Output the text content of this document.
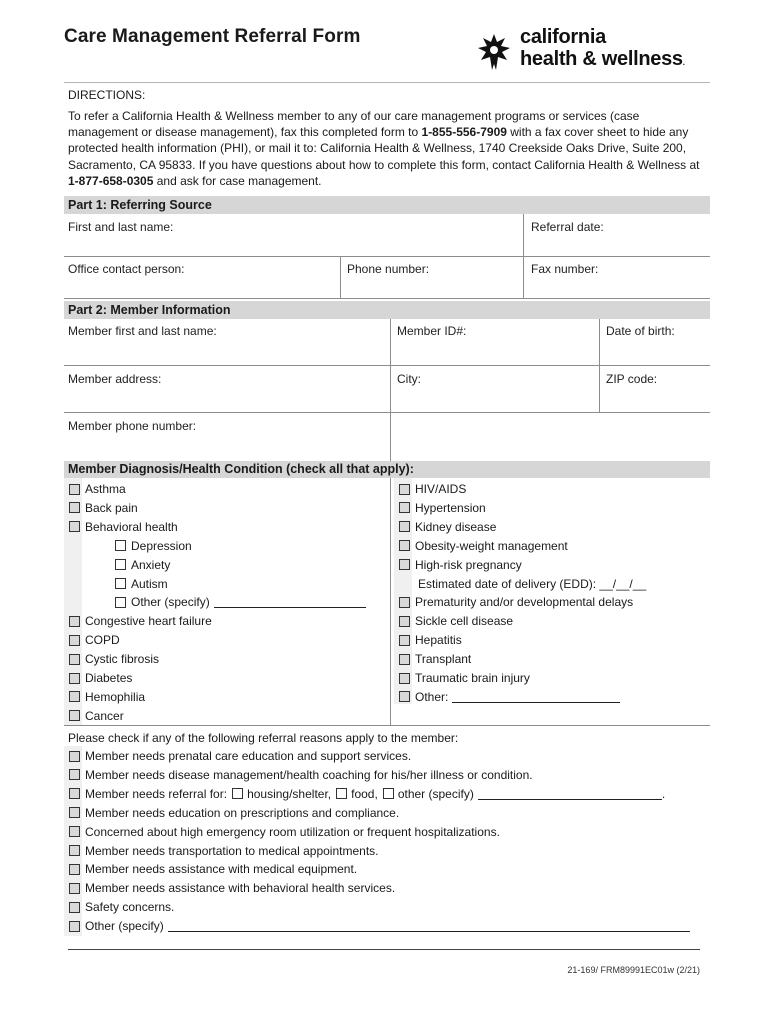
Care Management Referral Form	california
health & wellness.
DIRECTIONS:
To refer a California Health & Wellness member to any of our care management programs or services (case management or disease management), fax this completed form to 1-855-556-7909 with a fax cover sheet to hide any protected health information (PHI), or mail it to: California Health & Wellness, 1740 Creekside Oaks Drive, Suite 200, Sacramento, CA 95833. If you have questions about how to complete this form, contact California Health & Wellness at 1-877-658-0305 and ask for case management.
Part 1: Referring Source
First and last name:	Referral date:
Office contact person:	Phone number:	Fax number:
Part 2: Member Information
Member first and last name:	Member ID#:	Date of birth:
Member address:	City:	ZIP code:
Member phone number:
Member Diagnosis/Health Condition (check all that apply):
Asthma
Back pain
Behavioral health
Depression
Anxiety
Autism
Other (specify)
Congestive heart failure
COPD
Cystic fibrosis
Diabetes
Hemophilia
Cancer
HIV/AIDS
Hypertension
Kidney disease
Obesity-weight management
High-risk pregnancy
Estimated date of delivery (EDD): __/__/__
Prematurity and/or developmental delays
Sickle cell disease
Hepatitis
Transplant
Traumatic brain injury
Other:
Please check if any of the following referral reasons apply to the member:
Member needs prenatal care education and support services.
Member needs disease management/health coaching for his/her illness or condition.
Member needs referral for: housing/shelter, food, other (specify)	.
Member needs education on prescriptions and compliance.
Concerned about high emergency room utilization or frequent hospitalizations.
Member needs transportation to medical appointments.
Member needs assistance with medical equipment.
Member needs assistance with behavioral health services.
Safety concerns.
Other (specify)
21-169/ FRM89991EC01w (2/21)
